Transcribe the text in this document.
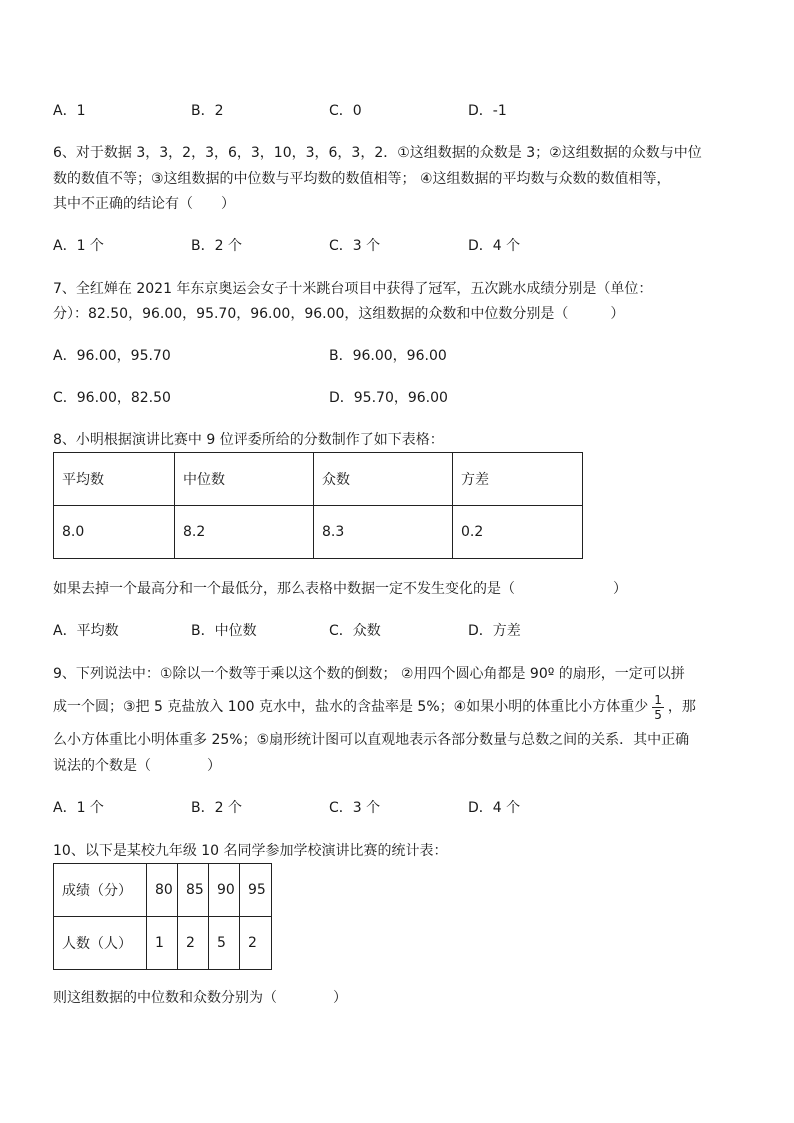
A．1	B．2	C．0	D．-1
6、对于数据 3，3，2，3，6，3，10，3，6，3，2．①这组数据的众数是 3；②这组数据的众数与中位
数的数值不等；③这组数据的中位数与平均数的数值相等； ④这组数据的平均数与众数的数值相等，
其中不正确的结论有（　　）
A．1 个	B．2 个	C．3 个	D．4 个
7、全红婵在 2021 年东京奥运会女子十米跳台项目中获得了冠军，五次跳水成绩分别是（单位：
分）：82.50，96.00，95.70，96.00，96.00，这组数据的众数和中位数分别是（　　　）
A．96.00，95.70	B．96.00，96.00
C．96.00，82.50	D．95.70，96.00
8、小明根据演讲比赛中 9 位评委所给的分数制作了如下表格：
平均数	中位数	众数	方差
8.0	8.2	8.3	0.2
如果去掉一个最高分和一个最低分，那么表格中数据一定不发生变化的是（　　　　　　　）
A．平均数	B．中位数	C．众数	D．方差
9、下列说法中：①除以一个数等于乘以这个数的倒数； ②用四个圆心角都是 90º 的扇形，一定可以拼
成一个圆；③把 5 克盐放入 100 克水中，盐水的含盐率是 5%；④如果小明的体重比小方体重少 $\frac{1}{5}$ ，那
么小方体重比小明体重多 25%；⑤扇形统计图可以直观地表示各部分数量与总数之间的关系．其中正确
说法的个数是（　　　　）
A．1 个	B．2 个	C．3 个	D．4 个
10、以下是某校九年级 10 名同学参加学校演讲比赛的统计表：
成绩（分）	80	85	90	95
人数（人）	1	2	5	2
则这组数据的中位数和众数分别为（　　　　）
